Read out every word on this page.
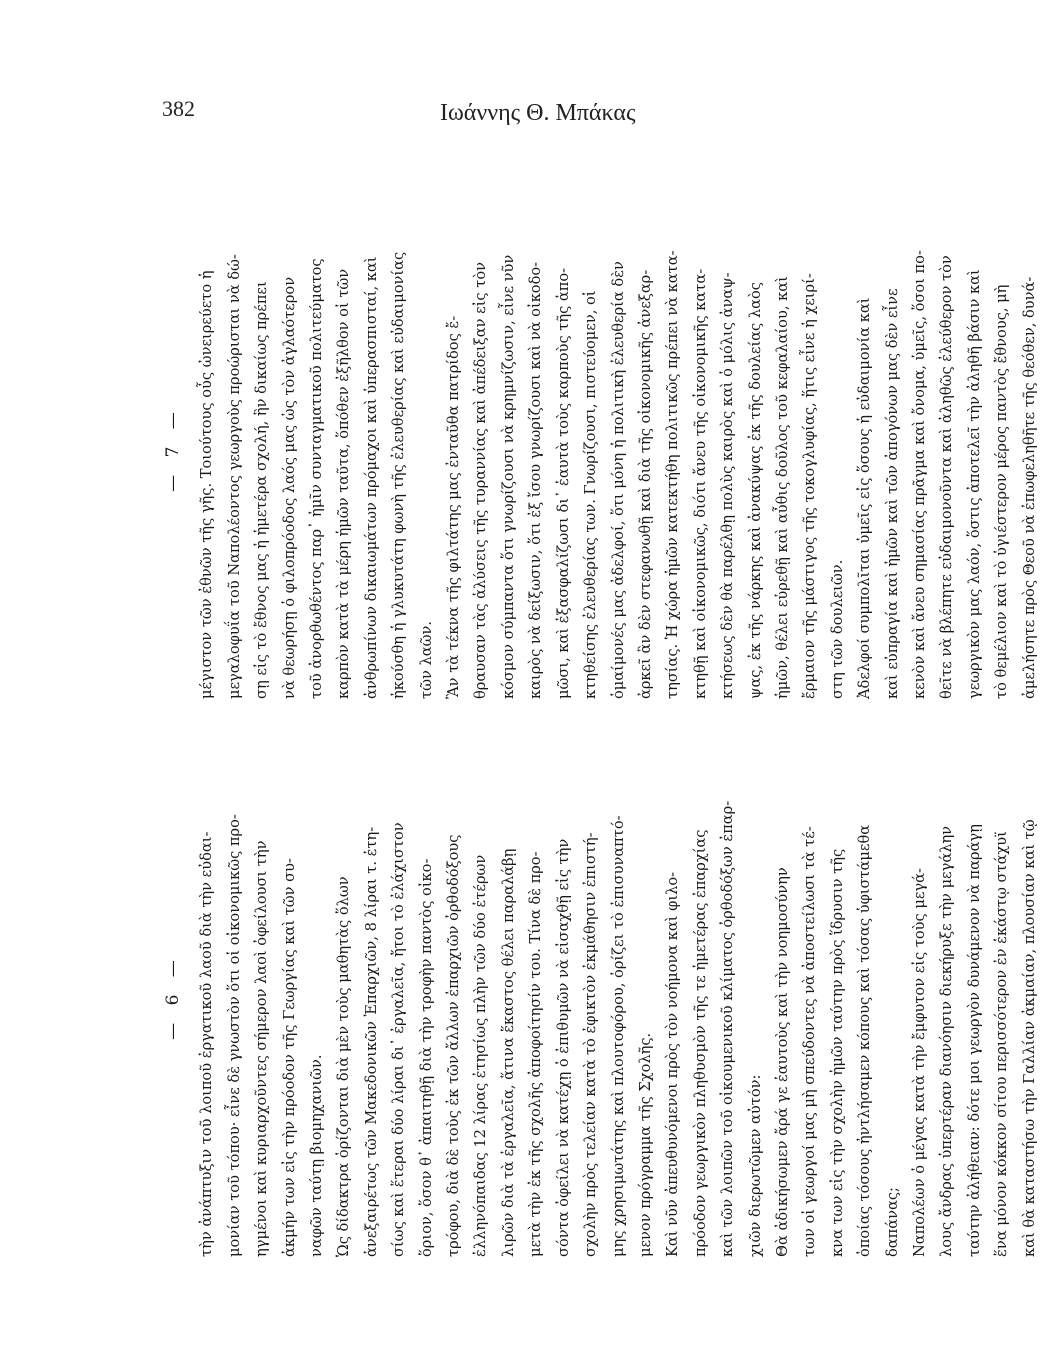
382	Ιωάννης Θ. Μπάκας
— 6 —	τὴν ἀνάπτυξιν τοῦ λοιποῦ ἐργατικοῦ λαοῦ διὰ τὴν εὐδαι- μονίαν τοῦ τόπου· εἶνε δὲ γνωστὸν ὅτι οἱ οἰκονομικῶς προ- ηγμένοι καὶ κυριαρχοῦντες σήμερον λαοὶ ὀφείλουσι τὴν ἀκμήν των εἰς τὴν πρόοδον τῆς Γεωργίας καὶ τῶν συ- ναφῶν ταύτῃ βιομηχανιῶν. Ὡς δίδακτρα ὁρίζονται διὰ μὲν τοὺς μαθητὰς ὅλων ἀνεξαιρέτως τῶν Μακεδονικῶν Ἐπαρχιῶν, 8 λίραι τ. ἐτη- σίως καὶ ἕτεραι δύο λίραι δι᾽ ἐργαλεῖα, ἤτοι τὸ ἐλάχιστον ὅριον, ὅσον θ᾽ ἀπαιτηθῇ διὰ τὴν τροφὴν παντὸς οἰκο- τρόφου, διὰ δὲ τοὺς ἐκ τῶν ἄλλων ἐπαρχιῶν ὀρθοδόξους ἑλληνόπαιδας 12 λίρας ἐτησίως πλὴν τῶν δύο ἑτέρων λιρῶν διὰ τὰ ἐργαλεῖα, ἅτινα ἕκαστος θέλει παραλάβῃ μετὰ τὴν ἐκ τῆς σχολῆς ἀποφοίτησίν του. Τίνα δὲ προ- σόντα ὀφείλει νὰ κατέχῃ ὁ ἐπιθυμῶν νὰ εἰσαχθῇ εἰς τὴν σχολὴν πρὸς τελείαν κατὰ τὸ ἐφικτὸν ἐκμάθησιν ἐπιστή- μης χρησιμωτάτης καὶ πλουτοφόρου, ὁρίζει τὸ ἐπισυναπτό- μενον πρόγραμμα τῆς Σχολῆς. Καὶ νῦν ἀπευθυνόμενοι πρὸς τὸν νοήμονα καὶ φιλο- πρόοδον γεωργικὸν πληθυσμὸν τῆς τε ἡμετέρας ἐπαρχίας καὶ τῶν λοιπῶν τοῦ οἰκουμενικοῦ κλίματος ὀρθοδόξων ἐπαρ- χιῶν διερωτῶμεν αὐτόν: Θὰ ἀδικήσωμεν ἄρά γε ἑαυτοὺς καὶ τὴν νοημοσύνην των οἱ γεωργοί μας μὴ σπεύδοντες νὰ ἀποστείλωσι τὰ τέ- κνα των εἰς τὴν σχολὴν ἡμῶν ταύτην πρὸς ἵδρυσιν τῆς ὁποίας τόσους ἠντλήσαμεν κόπους καὶ τόσας ὑφιστάμεθα δαπάνας; Ναπολέων ὁ μέγας κατὰ τὴν ἔμφυτον εἰς τοὺς μεγά- λους ἄνδρας ὑπερτέραν διανόησιν διεκήρυξε τὴν μεγάλην ταύτην ἀλήθειαν: δότε μοι γεωργὸν δυνάμενον νὰ παράγῃ ἕνα μόνον κόκκον σίτου περισσότερον ἐν ἑκάστῳ στάχυϊ καὶ θὰ καταστήσω τὴν Γαλλίαν ἀκμαίαν, πλουσίαν καὶ τῷ
— 7 —	μέγιστον τῶν ἐθνῶν τῆς γῆς. Τοιούτους οὖς ὠνειρεύετο ἡ μεγαλοφυΐα τοῦ Ναπολέοντος γεωργοὺς προώρισται νὰ δώ- σῃ εἰς τὸ ἔθνος μας ἡ ἡμετέρα σχολή, ἣν δικαίως πρέπει νὰ θεωρήσῃ ὁ φιλοπρόοδος λαός μας ὡς τὸν ἀγλαότερον τοῦ ἀνορθωθέντος παρ᾽ ἡμῖν συνταγματικοῦ πολιτεύματος καρπὸν κατὰ τὰ μέρη ἡμῶν ταῦτα, ὅπόθεν ἐξῆλθον οἱ τῶν ἀνθρωπίνων δικαιωμάτων πρόμαχοι καὶ ὑπερασπισταί, καὶ ἠκούσθη ἡ γλυκυτάτη φωνὴ τῆς ἐλευθερίας καὶ εὐδαιμονίας τῶν λαῶν. Ἂν τὰ τέκνα τῆς φιλτάτης μας ἐνταῦθα πατρίδος ἔ- θραυσαν τὰς ἁλύσεις τῆς τυραννίας καὶ ἀπέδειξαν εἰς τὸν κόσμον σύμπαντα ὅτι γνωρίζουσι νὰ κρημνίζωσιν, εἶνε νῦν καιρὸς νὰ δείξωσιν, ὅτι ἐξ ἴσου γνωρίζουσι καὶ νὰ οἰκοδο- μῶσι, καὶ ἐξασφαλίζωσι δι᾽ ἑαυτὰ τοὺς καρποὺς τῆς ἀπο- κτηθείσης ἐλευθερίας των. Γνωρίζουσι, πιστεύομεν, οἱ ὁμαίμονές μας ἀδελφοί, ὅτι μόνη ἡ πολιτικὴ ἐλευθερία δὲν ἀρκεῖ ἂν δὲν στεφανωθῇ καὶ διὰ τῆς οἰκονομικῆς ἀνεξαρ- τησίας. Ἡ χώρα ἡμῶν κατεκτήθη πολιτικῶς πρέπει νὰ κατα- κτηθῇ καὶ οἰκονομικῶς, διότι ἄνευ τῆς οἰκονομικῆς κατα- κτήσεως δὲν θὰ παρέλθῃ πολὺς καιρὸς καὶ ὁ μόλις ἀναψ- ψας, ἐκ τῆς νάρκης καὶ ἀνακύψας ἐκ τῆς δουλείας λαὸς ἡμῶν, θέλει εὑρεθῇ καὶ αὖθις δοῦλος τοῦ κεφαλαίου, καὶ ἔρμαιον τῆς μάστιγος τῆς τοκογλυφίας, ἥτις εἶνε ἡ χειρί- στη τῶν δουλειῶν. Ἀδελφοί συμπολῖται ὑμεῖς εἰς ὅσους ἡ εὐδαιμονία καὶ καὶ εὐπραγία καὶ ἡμῶν καὶ τῶν ἀπογόνων μας δὲν εἶνε κενὸν καὶ ἄνευ σημασίας πρᾶγμα καὶ ὄνομα, ὑμεῖς, ὅσοι πο- θεῖτε νὰ βλέπητε εὐδαιμονοῦντα καὶ ἀληθῶς ἐλεύθερον τὸν γεωργικὸν μας λαόν, ὅστις ἀποτελεῖ τὴν ἀληθῆ βάσιν καὶ τὸ θεμέλιον καὶ τὸ ὑγιέστερον μέρος παντὸς ἔθνους, μὴ ἀμελήσητε πρὸς Θεοῦ νὰ ἐπωφεληθῆτε τῆς θεόθεν, δυνά-
